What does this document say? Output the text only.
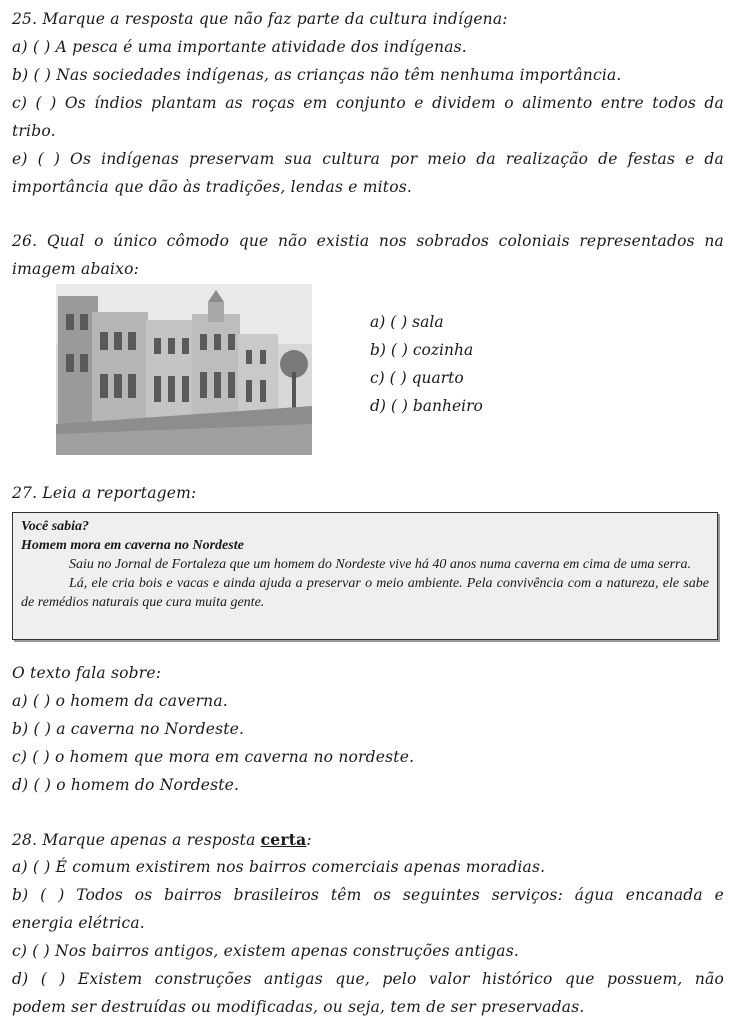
25. Marque a resposta que não faz parte da cultura indígena:
a) ( ) A pesca é uma importante atividade dos indígenas.
b) ( ) Nas sociedades indígenas, as crianças não têm nenhuma importância.
c) ( ) Os índios plantam as roças em conjunto e dividem o alimento entre todos da
tribo.
e) ( ) Os indígenas preservam sua cultura por meio da realização de festas e da
importância que dão às tradições, lendas e mitos.
26. Qual o único cômodo que não existia nos sobrados coloniais representados na
imagem abaixo:
a) ( ) sala
b) ( ) cozinha
c) ( ) quarto
d) ( ) banheiro
27. Leia a reportagem:
Você sabia?
Homem mora em caverna no Nordeste
Saiu no Jornal de Fortaleza que um homem do Nordeste vive há 40 anos numa caverna em cima de uma serra.
Lá, ele cria bois e vacas e ainda ajuda a preservar o meio ambiente. Pela convivência com a natureza, ele sabe de remédios naturais que cura muita gente.
O texto fala sobre:
a) ( ) o homem da caverna.
b) ( ) a caverna no Nordeste.
c) ( ) o homem que mora em caverna no nordeste.
d) ( ) o homem do Nordeste.
28. Marque apenas a resposta certa:
a) ( ) É comum existirem nos bairros comerciais apenas moradias.
b) ( ) Todos os bairros brasileiros têm os seguintes serviços: água encanada e
energia elétrica.
c) ( ) Nos bairros antigos, existem apenas construções antigas.
d) ( ) Existem construções antigas que, pelo valor histórico que possuem, não
podem ser destruídas ou modificadas, ou seja, tem de ser preservadas.
